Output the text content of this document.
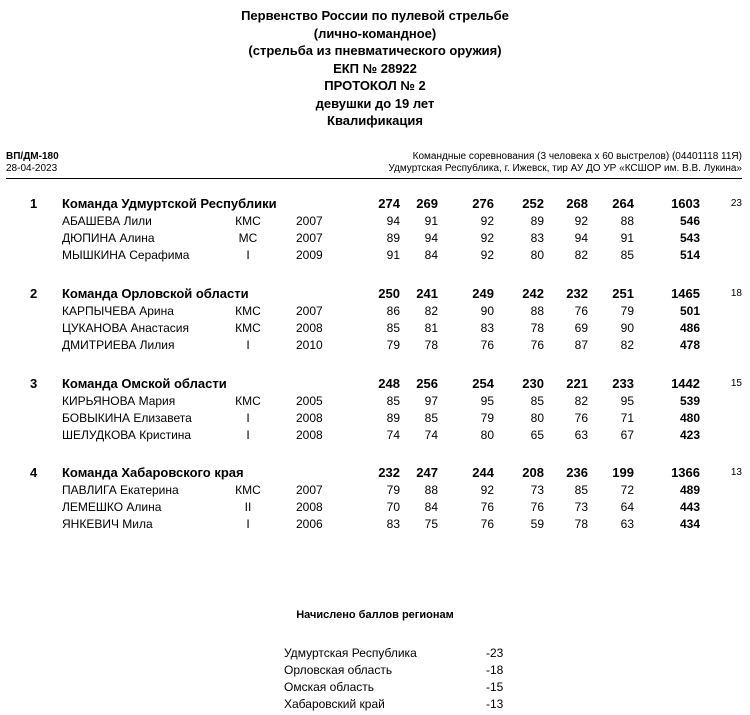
Первенство России по пулевой стрельбе
(лично-командное)
(стрельба из пневматического оружия)
ЕКП № 28922
ПРОТОКОЛ № 2
девушки до 19 лет
Квалификация
ВП/ДМ-180
28-04-2023
Командные соревнования (3 человека х 60 выстрелов) (04401118 11Я)
Удмуртская Республика, г. Ижевск, тир АУ ДО УР «КСШОР им. В.В. Лукина»
1 Команда Удмуртской Республики	274	269	276	252	268	264	1603	23
АБАШЕВА Лили	КМС	2007	94	91	92	89	92	88	546
ДЮПИНА Алина	МС	2007	89	94	92	83	94	91	543
МЫШКИНА Серафима	I	2009	91	84	92	80	82	85	514
2 Команда Орловской области	250	241	249	242	232	251	1465	18
КАРПЫЧЕВА Арина	КМС	2007	86	82	90	88	76	79	501
ЦУКАНОВА Анастасия	КМС	2008	85	81	83	78	69	90	486
ДМИТРИЕВА Лилия	I	2010	79	78	76	76	87	82	478
3 Команда Омской области	248	256	254	230	221	233	1442	15
КИРЬЯНОВА Мария	КМС	2005	85	97	95	85	82	95	539
БОВЫКИНА Елизавета	I	2008	89	85	79	80	76	71	480
ШЕЛУДКОВА Кристина	I	2008	74	74	80	65	63	67	423
4 Команда Хабаровского края	232	247	244	208	236	199	1366	13
ПАВЛИГА Екатерина	КМС	2007	79	88	92	73	85	72	489
ЛЕМЕШКО Алина	II	2008	70	84	76	76	73	64	443
ЯНКЕВИЧ Мила	I	2006	83	75	76	59	78	63	434
Начислено баллов регионам
Удмуртская Республика	-23
Орловская область	-18
Омская область	-15
Хабаровский край	-13
